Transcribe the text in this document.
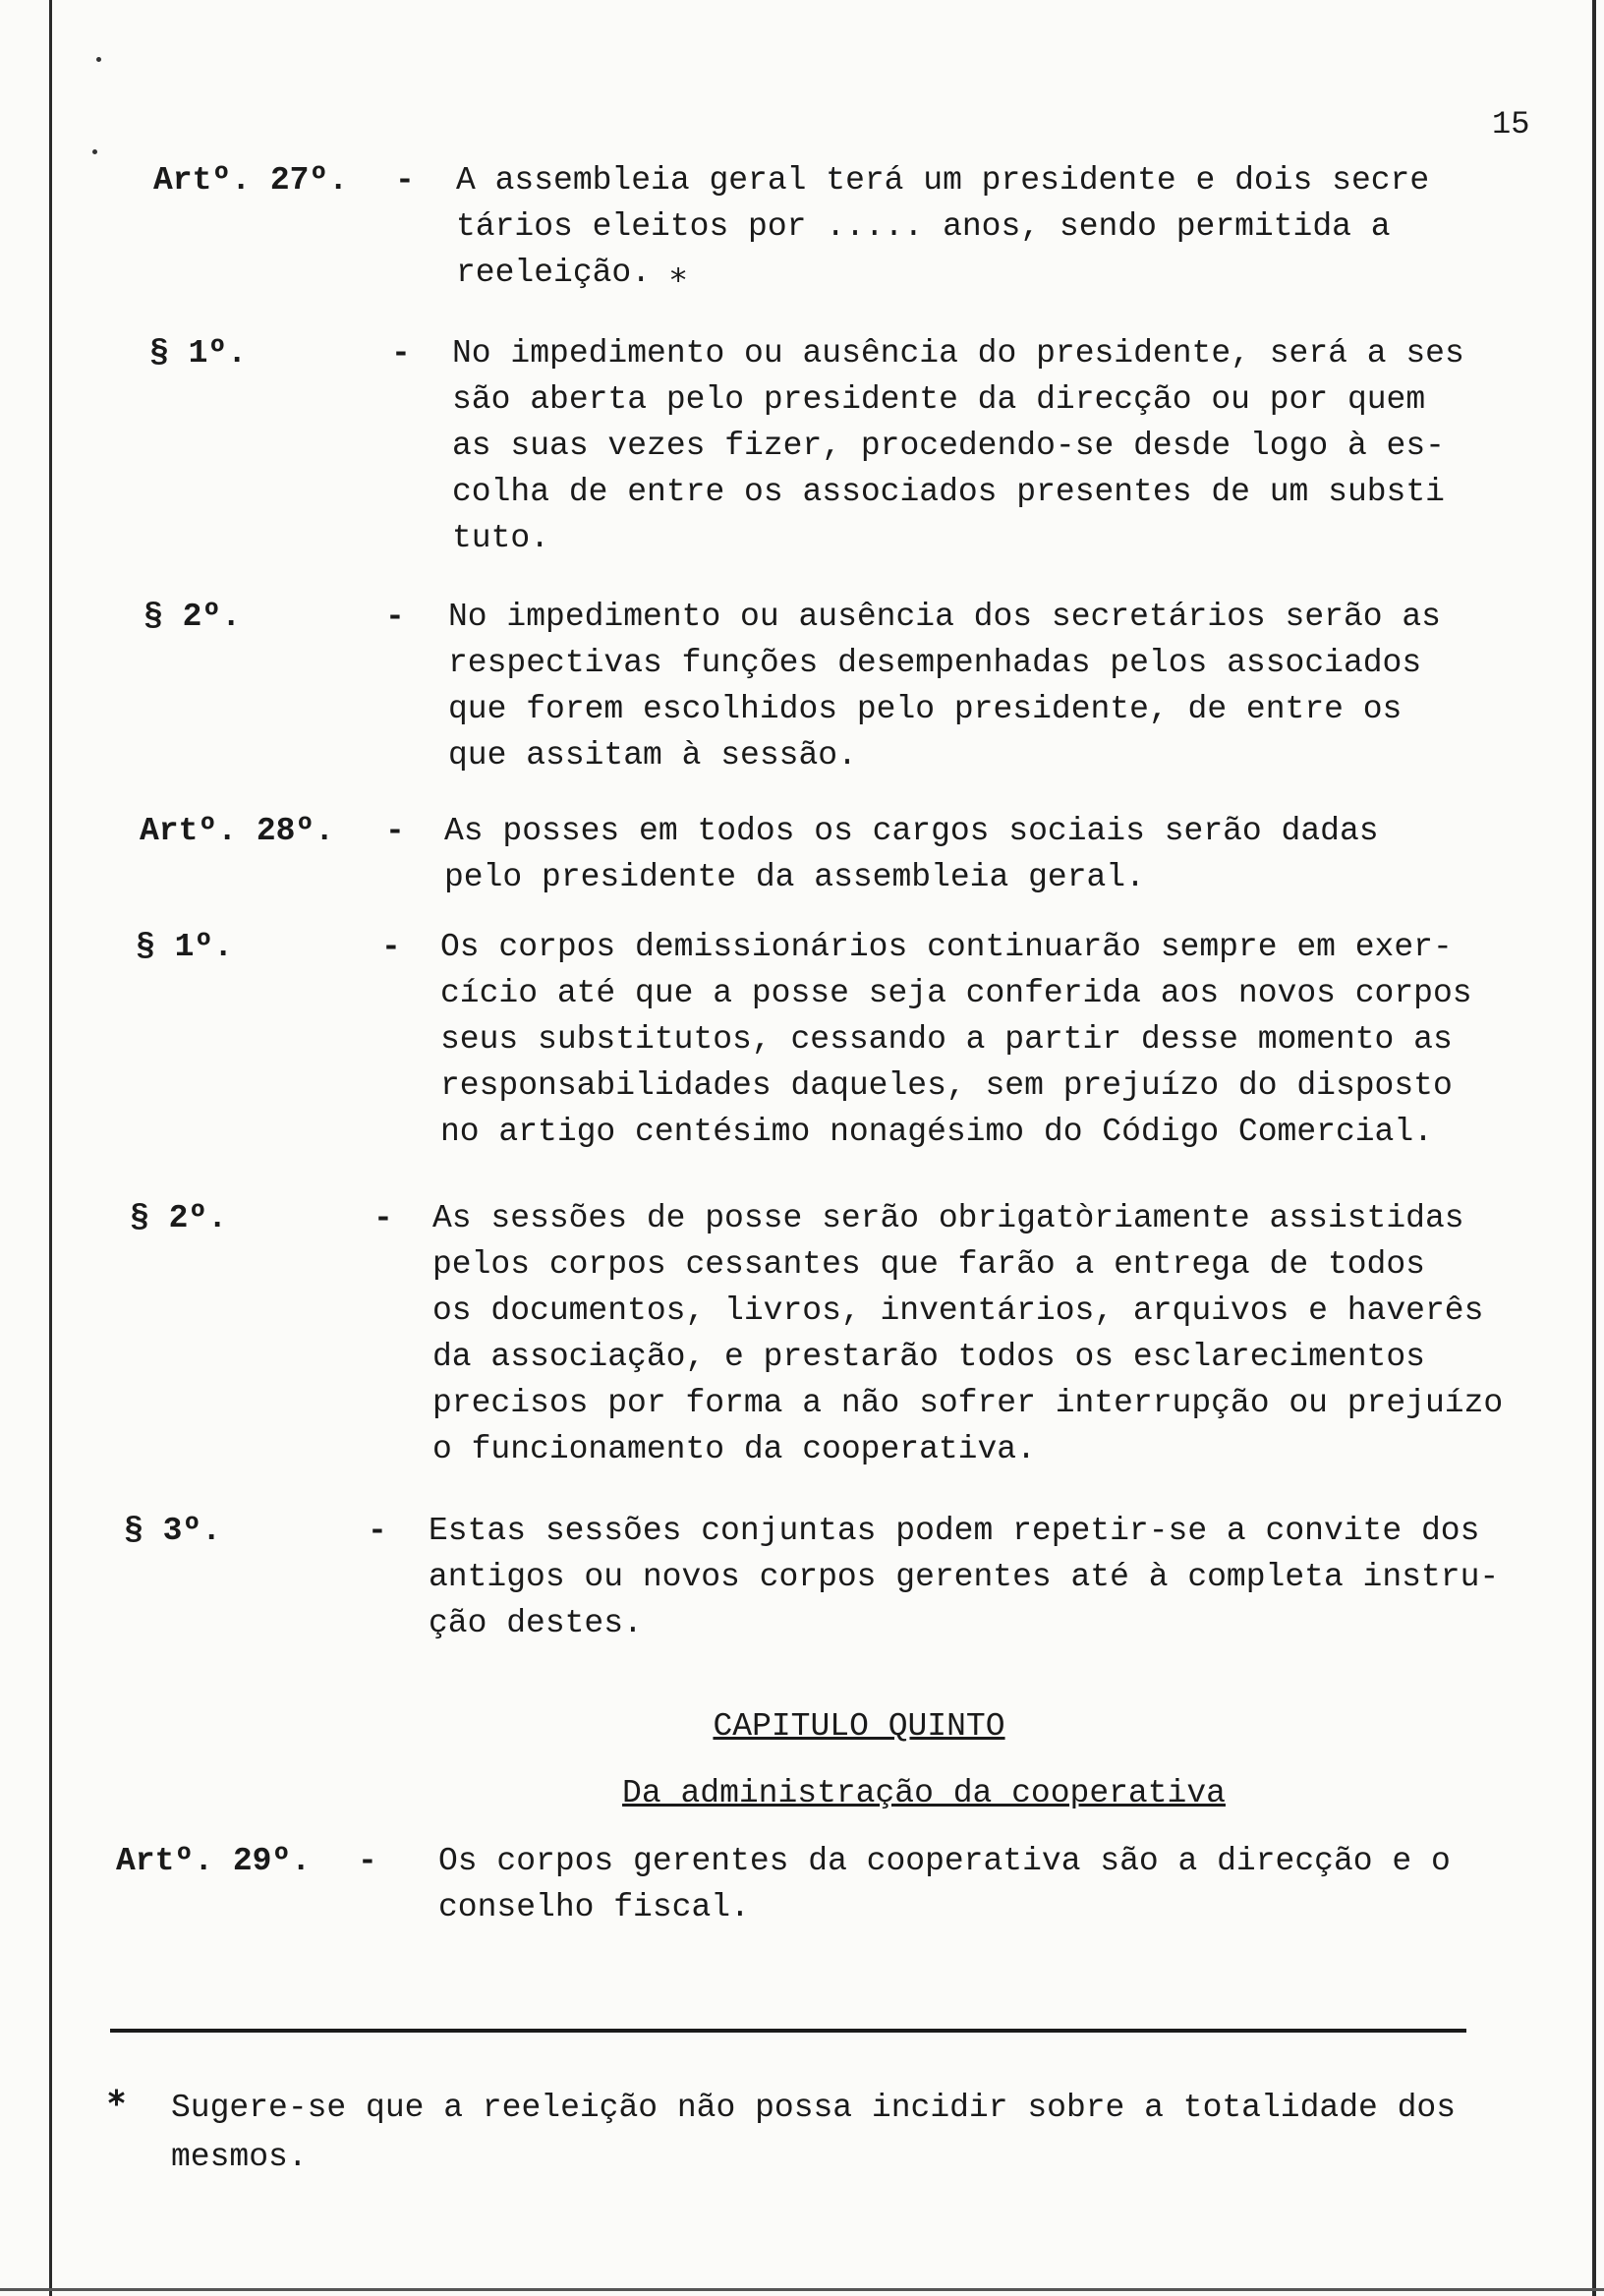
15
Artº. 27º. - A assembleia geral terá um presidente e dois secre
tários eleitos por ..... anos, sendo permitida a
reeleição. ⁎
§ 1º.	- No impedimento ou ausência do presidente, será a ses
são aberta pelo presidente da direcção ou por quem
as suas vezes fizer, procedendo-se desde logo à es-
colha de entre os associados presentes de um substi
tuto.
§ 2º.	- No impedimento ou ausência dos secretários serão as
respectivas funções desempenhadas pelos associados
que forem escolhidos pelo presidente, de entre os
que assitam à sessão.
Artº. 28º. - As posses em todos os cargos sociais serão dadas
pelo presidente da assembleia geral.
§ 1º.	- Os corpos demissionários continuarão sempre em exer-
cício até que a posse seja conferida aos novos corpos
seus substitutos, cessando a partir desse momento as
responsabilidades daqueles, sem prejuízo do disposto
no artigo centésimo nonagésimo do Código Comercial.
§ 2º.	- As sessões de posse serão obrigatòriamente assistidas
pelos corpos cessantes que farão a entrega de todos
os documentos, livros, inventários, arquivos e haverês
da associação, e prestarão todos os esclarecimentos
precisos por forma a não sofrer interrupção ou prejuízo
o funcionamento da cooperativa.
§ 3º.	- Estas sessões conjuntas podem repetir-se a convite dos
antigos ou novos corpos gerentes até à completa instru-
ção destes.
CAPITULO QUINTO
Da administração da cooperativa
Artº. 29º. - Os corpos gerentes da cooperativa são a direcção e o
conselho fiscal.
⁎ Sugere-se que a reeleição não possa incidir sobre a totalidade dos mesmos.
